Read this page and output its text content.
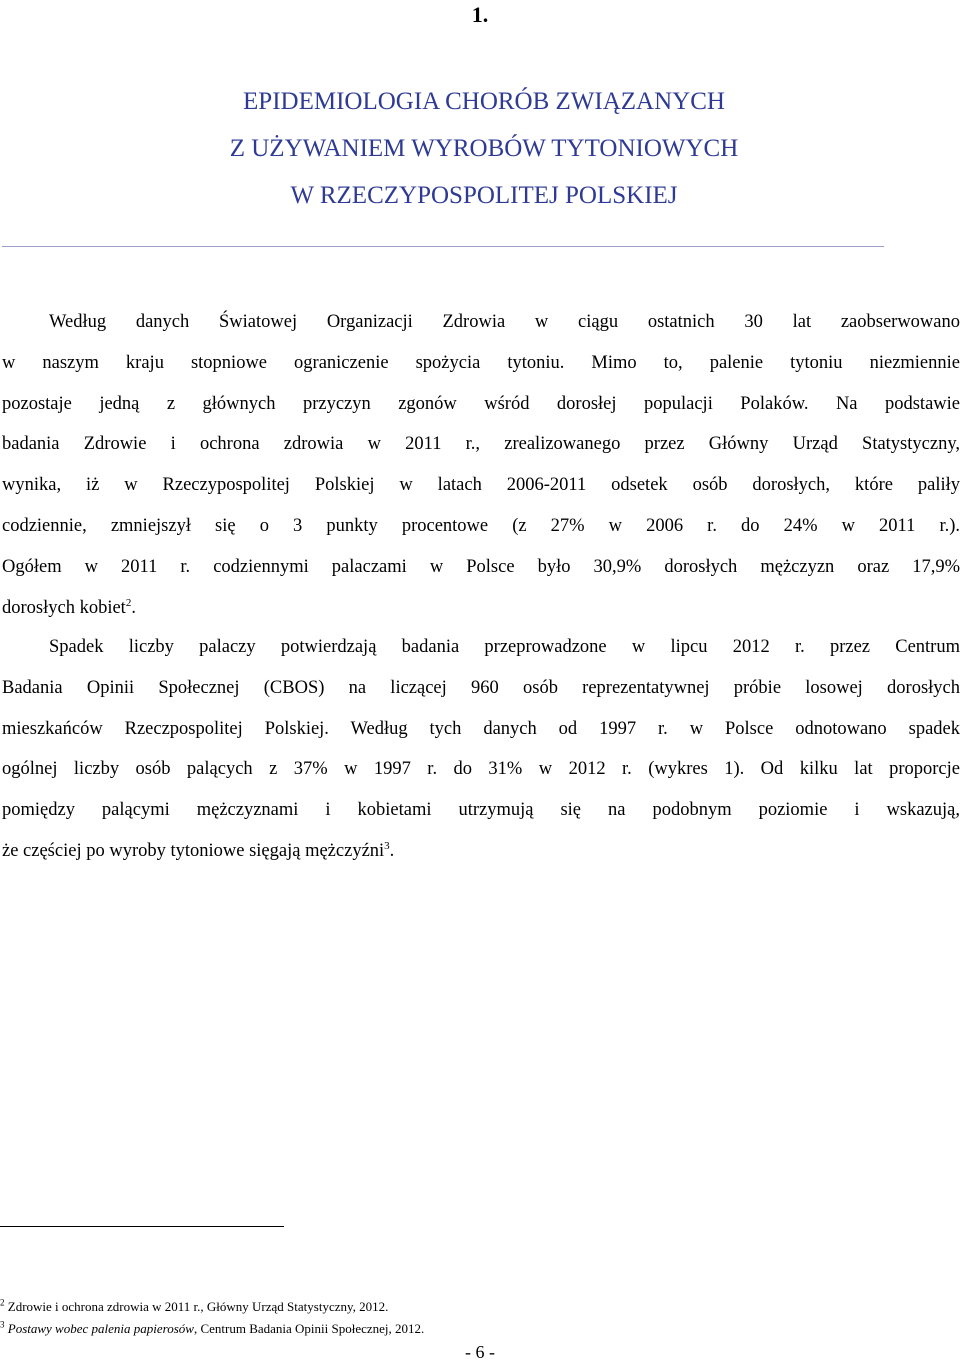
1.
EPIDEMIOLOGIA CHORÓB ZWIĄZANYCH
Z UŻYWANIEM WYROBÓW TYTONIOWYCH
W RZECZYPOSPOLITEJ POLSKIEJ
Według danych Światowej Organizacji Zdrowia w ciągu ostatnich 30 lat zaobserwowano
w naszym kraju stopniowe ograniczenie spożycia tytoniu. Mimo to, palenie tytoniu niezmiennie
pozostaje jedną z głównych przyczyn zgonów wśród dorosłej populacji Polaków. Na podstawie
badania Zdrowie i ochrona zdrowia w 2011 r., zrealizowanego przez Główny Urząd Statystyczny,
wynika, iż w Rzeczypospolitej Polskiej w latach 2006-2011 odsetek osób dorosłych, które paliły
codziennie, zmniejszył się o 3 punkty procentowe (z 27% w 2006 r. do 24% w 2011 r.).
Ogółem w 2011 r. codziennymi palaczami w Polsce było 30,9% dorosłych mężczyzn oraz 17,9%
dorosłych kobiet$^2$.
Spadek liczby palaczy potwierdzają badania przeprowadzone w lipcu 2012 r. przez Centrum
Badania Opinii Społecznej (CBOS) na liczącej 960 osób reprezentatywnej próbie losowej dorosłych
mieszkańców Rzeczpospolitej Polskiej. Według tych danych od 1997 r. w Polsce odnotowano spadek
ogólnej liczby osób palących z 37% w 1997 r. do 31% w 2012 r. (wykres 1). Od kilku lat proporcje
pomiędzy palącymi mężczyznami i kobietami utrzymują się na podobnym poziomie i wskazują,
że częściej po wyroby tytoniowe sięgają mężczyźni$^3$.
$^2$ Zdrowie i ochrona zdrowia w 2011 r., Główny Urząd Statystyczny, 2012.
$^3$ Postawy wobec palenia papierosów, Centrum Badania Opinii Społecznej, 2012.
- 6 -
